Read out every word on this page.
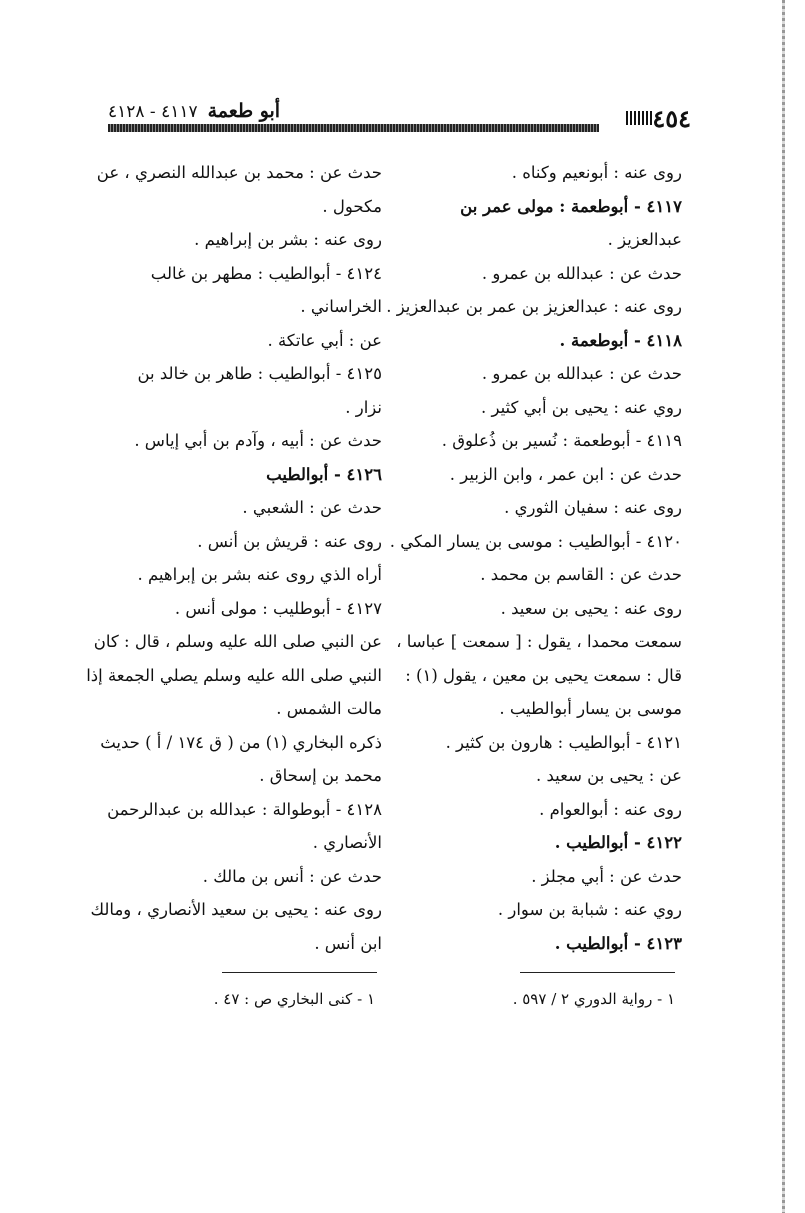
٤٥٤
أبو طعمة
٤١١٧ - ٤١٢٨
روى عنه : أبونعيم وكناه .
٤١١٧ - أبوطعمة : مولى عمر بن
عبدالعزيز .
حدث عن : عبدالله بن عمرو .
روى عنه : عبدالعزيز بن عمر بن عبدالعزيز .
٤١١٨ - أبوطعمة .
حدث عن : عبدالله بن عمرو .
روي عنه : يحيى بن أبي كثير .
٤١١٩ - أبوطعمة : نُسير بن ذُعلوق .
حدث عن : ابن عمر ، وابن الزبير .
روى عنه : سفيان الثوري .
٤١٢٠ - أبوالطيب : موسى بن يسار المكي .
حدث عن : القاسم بن محمد .
روى عنه : يحيى بن سعيد .
سمعت محمدا ، يقول : [ سمعت ] عباسا ،
قال : سمعت يحيى بن معين ، يقول (١) :
موسى بن يسار أبوالطيب .
٤١٢١ - أبوالطيب : هارون بن كثير .
عن : يحيى بن سعيد .
روى عنه : أبوالعوام .
٤١٢٢ - أبوالطيب .
حدث عن : أبي مجلز .
روي عنه : شبابة بن سوار .
٤١٢٣ - أبوالطيب .
حدث عن : محمد بن عبدالله النصري ، عن
مكحول .
روى عنه : بشر بن إبراهيم .
٤١٢٤ - أبوالطيب : مطهر بن غالب
الخراساني .
عن : أبي عاتكة .
٤١٢٥ - أبوالطيب : طاهر بن خالد بن
نزار .
حدث عن : أبيه ، وآدم بن أبي إياس .
٤١٢٦ - أبوالطيب
حدث عن : الشعبي .
روى عنه : قريش بن أنس .
أراه الذي روى عنه بشر بن إبراهيم .
٤١٢٧ - أبوطليب : مولى أنس .
عن النبي صلى الله عليه وسلم ، قال : كان
النبي صلى الله عليه وسلم يصلي الجمعة إذا
مالت الشمس .
ذكره البخاري (١) من ( ق ١٧٤ / أ ) حديث
محمد بن إسحاق .
٤١٢٨ - أبوطوالة : عبدالله بن عبدالرحمن
الأنصاري .
حدث عن : أنس بن مالك .
روى عنه : يحيى بن سعيد الأنصاري ، ومالك
ابن أنس .
١ - رواية الدوري ٢ / ٥٩٧ .
١ - كنى البخاري ص : ٤٧ .
